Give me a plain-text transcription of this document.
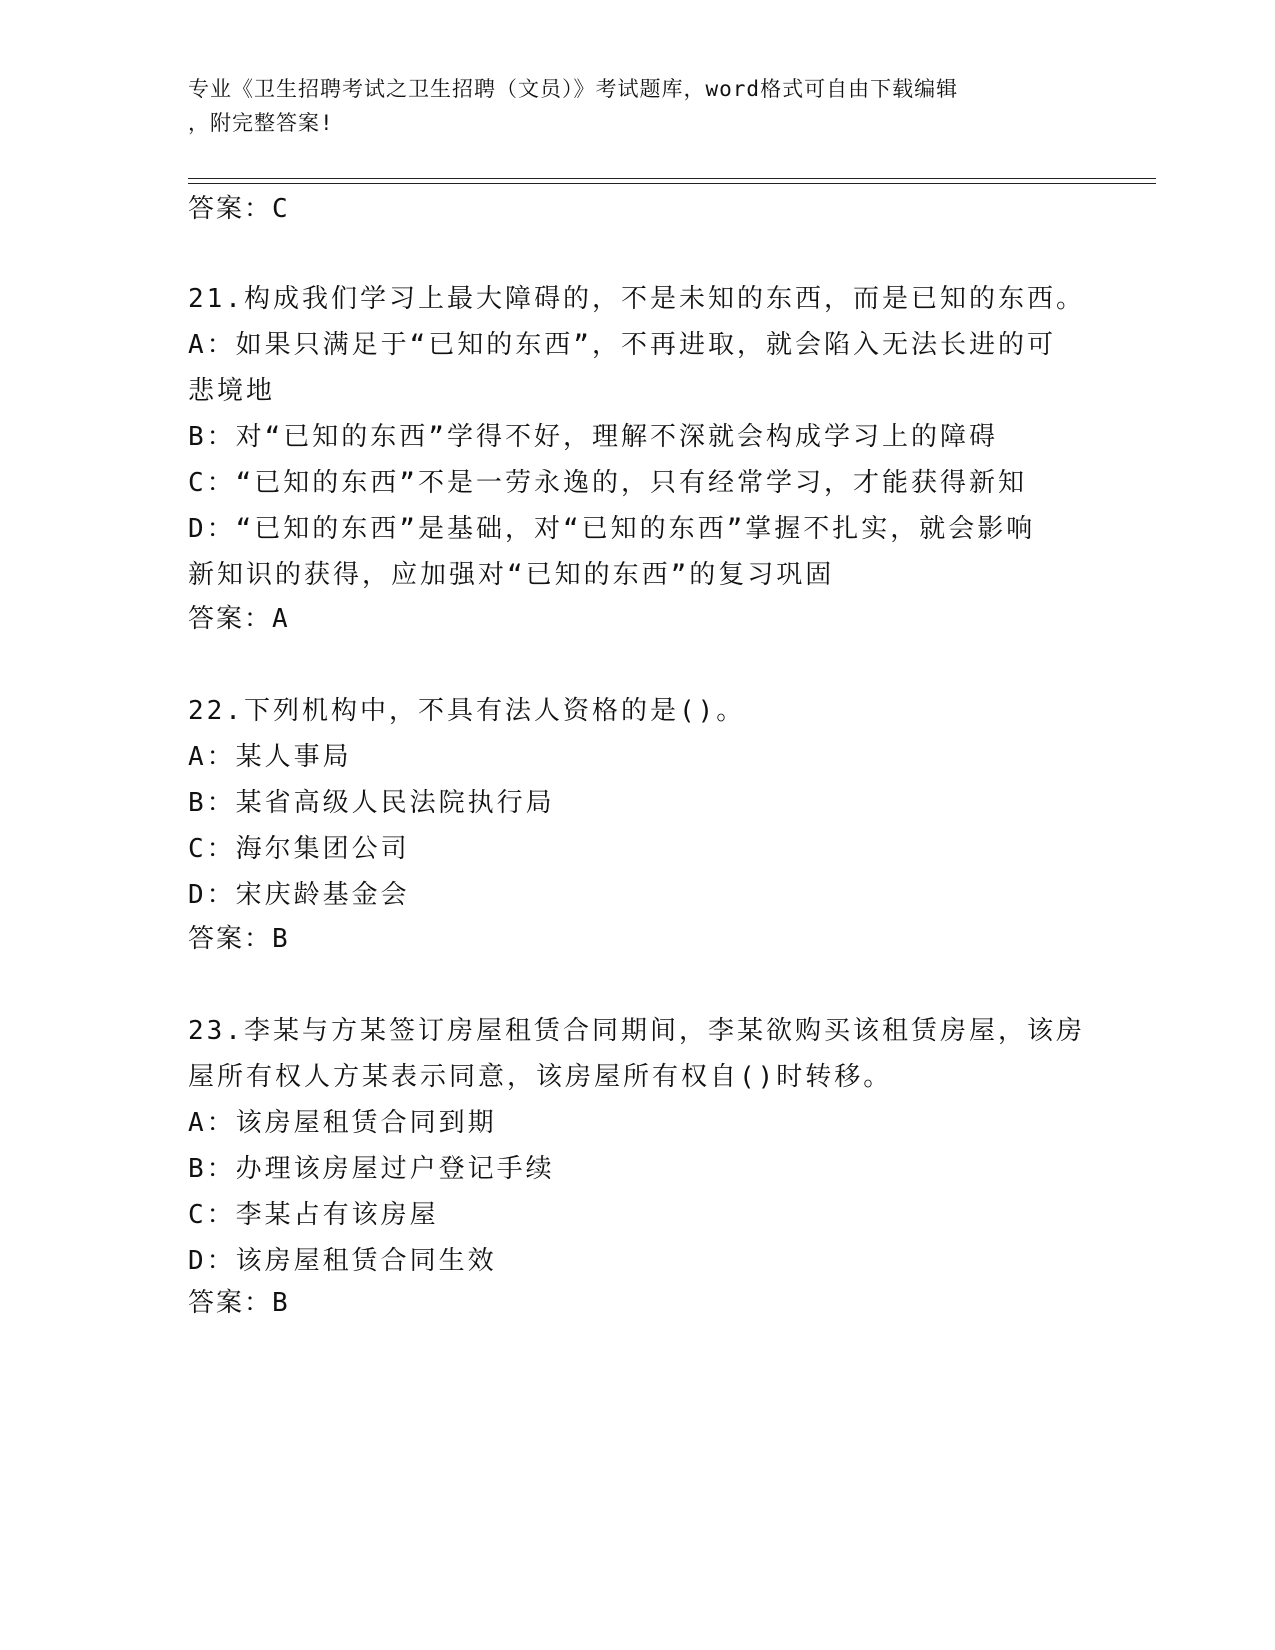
专业《卫生招聘考试之卫生招聘（文员）》考试题库，word格式可自由下载编辑
，附完整答案!
答案：C
21.构成我们学习上最大障碍的，不是未知的东西，而是已知的东西。
A：如果只满足于“已知的东西”，不再进取，就会陷入无法长进的可
悲境地
B：对“已知的东西”学得不好，理解不深就会构成学习上的障碍
C：“已知的东西”不是一劳永逸的，只有经常学习，才能获得新知
D：“已知的东西”是基础，对“已知的东西”掌握不扎实，就会影响
新知识的获得，应加强对“已知的东西”的复习巩固
答案：A
22.下列机构中，不具有法人资格的是()。
A：某人事局
B：某省高级人民法院执行局
C：海尔集团公司
D：宋庆龄基金会
答案：B
23.李某与方某签订房屋租赁合同期间，李某欲购买该租赁房屋，该房
屋所有权人方某表示同意，该房屋所有权自()时转移。
A：该房屋租赁合同到期
B：办理该房屋过户登记手续
C：李某占有该房屋
D：该房屋租赁合同生效
答案：B
